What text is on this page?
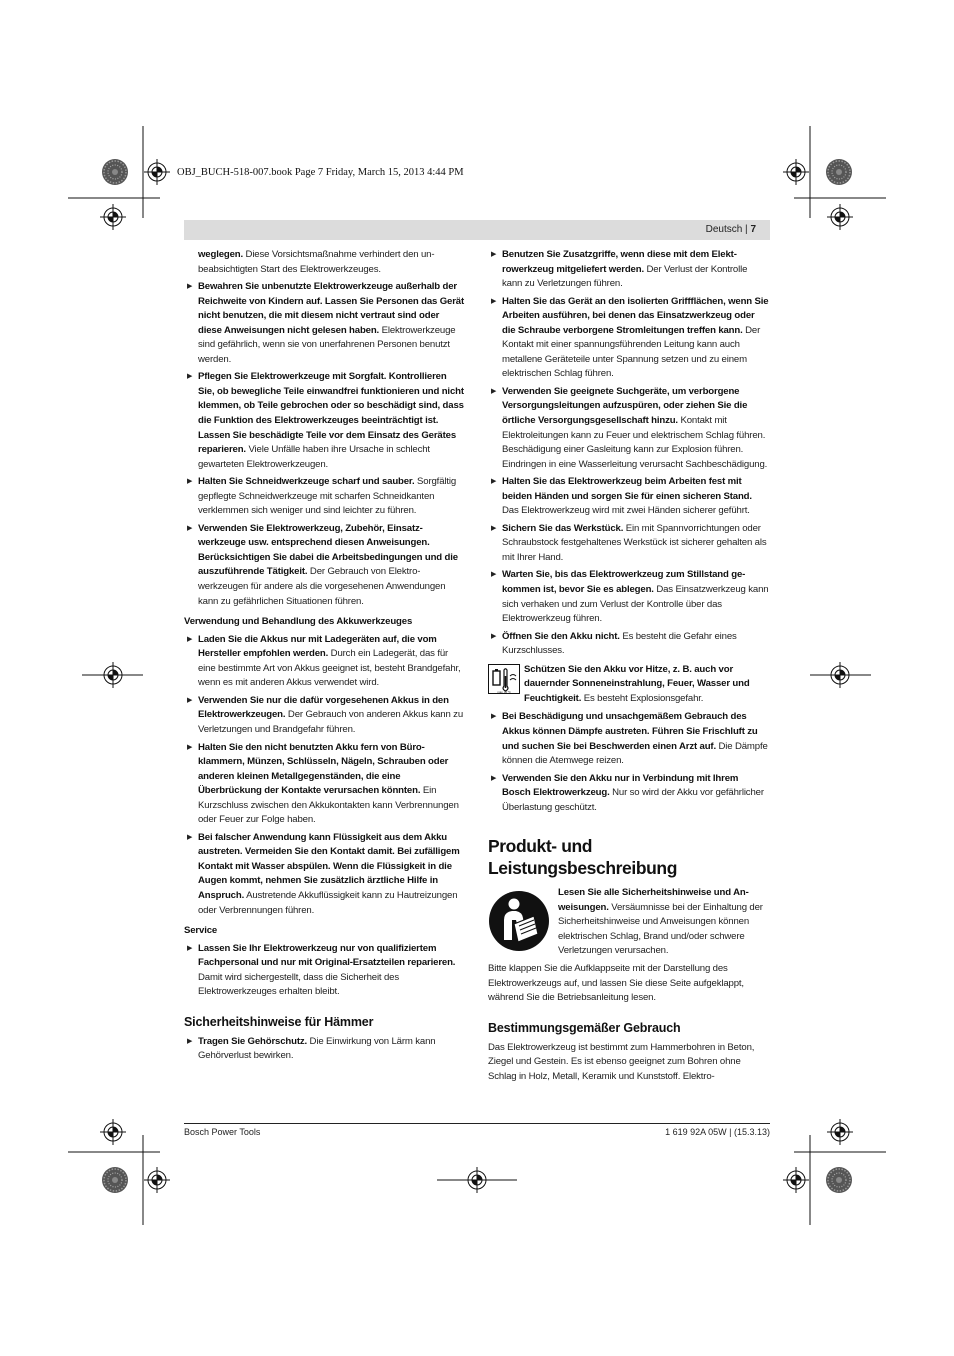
OBJ_BUCH-518-007.book Page 7 Friday, March 15, 2013 4:44 PM
Deutsch | 7

weglegen. Diese Vorsichtsmaßnahme verhindert den unbeabsichtigten Start des Elektrowerkzeuges.

▶ Bewahren Sie unbenutzte Elektrowerkzeuge außerhalb der Reichweite von Kindern auf. Lassen Sie Personen das Gerät nicht benutzen, die mit diesem nicht vertraut sind oder diese Anweisungen nicht gelesen haben. Elektrowerkzeuge sind gefährlich, wenn sie von unerfahrenen Personen benutzt werden.
▶ Pflegen Sie Elektrowerkzeuge mit Sorgfalt. Kontrollieren Sie, ob bewegliche Teile einwandfrei funktionieren und nicht klemmen, ob Teile gebrochen oder so beschädigt sind, dass die Funktion des Elektrowerkzeuges beeinträchtigt ist. Lassen Sie beschädigte Teile vor dem Einsatz des Gerätes reparieren. Viele Unfälle haben ihre Ursache in schlecht gewarteten Elektrowerkzeugen.
▶ Halten Sie Schneidwerkzeuge scharf und sauber. Sorgfältig gepflegte Schneidwerkzeuge mit scharfen Schneidkanten verklemmen sich weniger und sind leichter zu führen.
▶ Verwenden Sie Elektrowerkzeug, Zubehör, Einsatzwerkzeuge usw. entsprechend diesen Anweisungen. Berücksichtigen Sie dabei die Arbeitsbedingungen und die auszuführende Tätigkeit. Der Gebrauch von Elektrowerkzeugen für andere als die vorgesehenen Anwendungen kann zu gefährlichen Situationen führen.
Verwendung und Behandlung des Akkuwerkzeuges
▶ Laden Sie die Akkus nur mit Ladegeräten auf, die vom Hersteller empfohlen werden. Durch ein Ladegerät, das für eine bestimmte Art von Akkus geeignet ist, besteht Brandgefahr, wenn es mit anderen Akkus verwendet wird.
▶ Verwenden Sie nur die dafür vorgesehenen Akkus in den Elektrowerkzeugen. Der Gebrauch von anderen Akkus kann zu Verletzungen und Brandgefahr führen.
▶ Halten Sie den nicht benutzten Akku fern von Büroklammern, Münzen, Schlüsseln, Nägeln, Schrauben oder anderen kleinen Metallgegenständen, die eine Überbrückung der Kontakte verursachen könnten. Ein Kurzschluss zwischen den Akkukontakten kann Verbrennungen oder Feuer zur Folge haben.
▶ Bei falscher Anwendung kann Flüssigkeit aus dem Akku austreten. Vermeiden Sie den Kontakt damit. Bei zufälligem Kontakt mit Wasser abspülen. Wenn die Flüssigkeit in die Augen kommt, nehmen Sie zusätzlich ärztliche Hilfe in Anspruch. Austretende Akkuflüssigkeit kann zu Hautreizungen oder Verbrennungen führen.
Service
▶ Lassen Sie Ihr Elektrowerkzeug nur von qualifiziertem Fachpersonal und nur mit Original-Ersatzteilen reparieren. Damit wird sichergestellt, dass die Sicherheit des Elektrowerkzeuges erhalten bleibt.
Sicherheitshinweise für Hämmer
▶ Tragen Sie Gehörschutz. Die Einwirkung von Lärm kann Gehörverlust bewirken.
▶ Benutzen Sie Zusatzgriffe, wenn diese mit dem Elektrowerkzeug mitgeliefert werden. Der Verlust der Kontrolle kann zu Verletzungen führen.
▶ Halten Sie das Gerät an den isolierten Griffflächen, wenn Sie Arbeiten ausführen, bei denen das Einsatzwerkzeug oder die Schraube verborgene Stromleitungen treffen kann. Der Kontakt mit einer spannungsführenden Leitung kann auch metallene Geräteteile unter Spannung setzen und zu einem elektrischen Schlag führen.
▶ Verwenden Sie geeignete Suchgeräte, um verborgene Versorgungsleitungen aufzuspüren, oder ziehen Sie die örtliche Versorgungsgesellschaft hinzu. Kontakt mit Elektroleitungen kann zu Feuer und elektrischem Schlag führen. Beschädigung einer Gasleitung kann zur Explosion führen. Eindringen in eine Wasserleitung verursacht Sachbeschädigung.
▶ Halten Sie das Elektrowerkzeug beim Arbeiten fest mit beiden Händen und sorgen Sie für einen sicheren Stand. Das Elektrowerkzeug wird mit zwei Händen sicherer geführt.
▶ Sichern Sie das Werkstück. Ein mit Spannvorrichtungen oder Schraubstock festgehaltenes Werkstück ist sicherer gehalten als mit Ihrer Hand.
▶ Warten Sie, bis das Elektrowerkzeug zum Stillstand gekommen ist, bevor Sie es ablegen. Das Einsatzwerkzeug kann sich verhaken und zum Verlust der Kontrolle über das Elektrowerkzeug führen.
▶ Öffnen Sie den Akku nicht. Es besteht die Gefahr eines Kurzschlusses.
max. 45 °C
Schützen Sie den Akku vor Hitze, z. B. auch vor dauernder Sonneneinstrahlung, Feuer, Wasser und Feuchtigkeit. Es besteht Explosionsgefahr.
▶ Bei Beschädigung und unsachgemäßem Gebrauch des Akkus können Dämpfe austreten. Führen Sie Frischluft zu und suchen Sie bei Beschwerden einen Arzt auf. Die Dämpfe können die Atemwege reizen.
▶ Verwenden Sie den Akku nur in Verbindung mit Ihrem Bosch Elektrowerkzeug. Nur so wird der Akku vor gefährlicher Überlastung geschützt.
Produkt- und Leistungsbeschreibung
Lesen Sie alle Sicherheitshinweise und Anweisungen. Versäumnisse bei der Einhaltung der Sicherheitshinweise und Anweisungen können elektrischen Schlag, Brand und/oder schwere Verletzungen verursachen.

Bitte klappen Sie die Aufklappseite mit der Darstellung des Elektrowerkzeugs auf, und lassen Sie diese Seite aufgeklappt, während Sie die Betriebsanleitung lesen.

Bestimmungsgemäßer Gebrauch

Das Elektrowerkzeug ist bestimmt zum Hammerbohren in Beton, Ziegel und Gestein. Es ist ebenso geeignet zum Bohren ohne Schlag in Holz, Metall, Keramik und Kunststoff. Elektro-

Bosch Power Tools	1 619 92A 05W | (15.3.13)
